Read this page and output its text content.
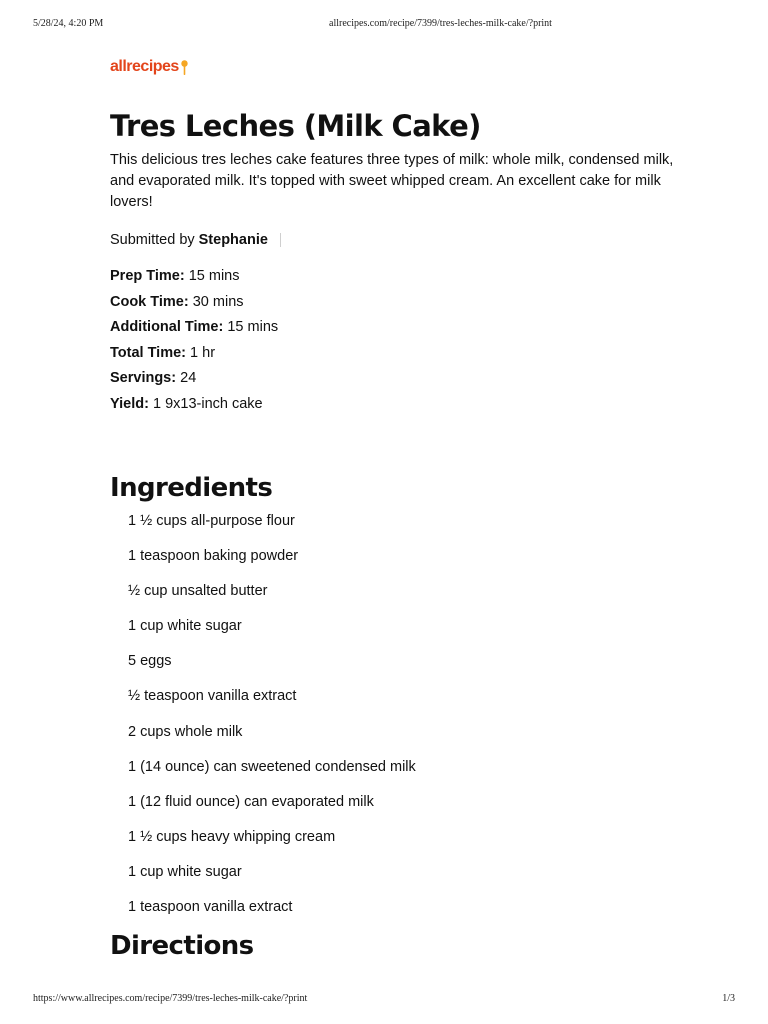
5/28/24, 4:20 PM	allrecipes.com/recipe/7399/tres-leches-milk-cake/?print
allrecipes
Tres Leches (Milk Cake)

This delicious tres leches cake features three types of milk: whole milk, condensed milk, and evaporated milk. It's topped with sweet whipped cream. An excellent cake for milk lovers!

Submitted by Stephanie
Prep Time: 15 mins
Cook Time: 30 mins
Additional Time: 15 mins
Total Time: 1 hr
Servings: 24
Yield: 1 9x13-inch cake
Ingredients
1 ½ cups all-purpose flour
1 teaspoon baking powder
½ cup unsalted butter
1 cup white sugar
5 eggs
½ teaspoon vanilla extract
2 cups whole milk
1 (14 ounce) can sweetened condensed milk
1 (12 fluid ounce) can evaporated milk
1 ½ cups heavy whipping cream
1 cup white sugar
1 teaspoon vanilla extract
Directions
https://www.allrecipes.com/recipe/7399/tres-leches-milk-cake/?print	1/3
